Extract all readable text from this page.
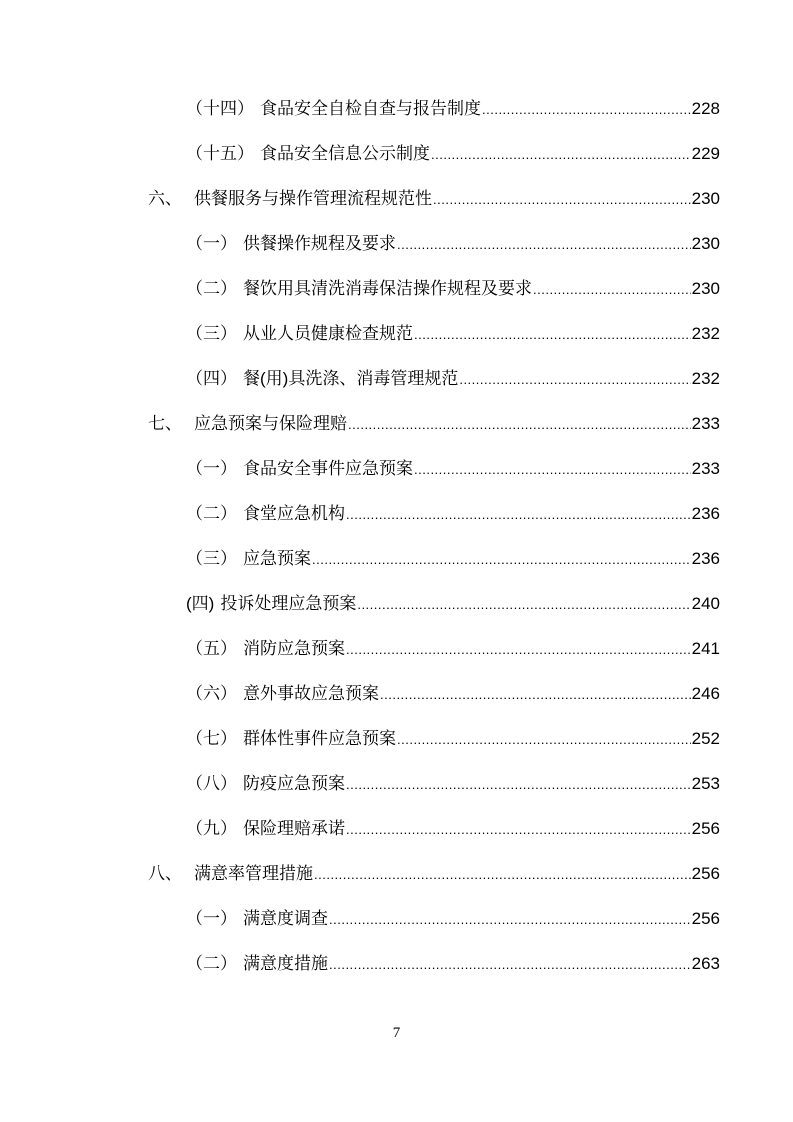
（十四） 食品安全自检自查与报告制度 .....	228
（十五） 食品安全信息公示制度 .....	229
六、 供餐服务与操作管理流程规范性 .....	230
（一） 供餐操作规程及要求 .....	230
（二） 餐饮用具清洗消毒保洁操作规程及要求 .....	230
（三） 从业人员健康检查规范 .....	232
（四） 餐(用)具洗涤、消毒管理规范 .....	232
七、 应急预案与保险理赔 .....	233
（一） 食品安全事件应急预案 .....	233
（二） 食堂应急机构 .....	236
（三） 应急预案 .....	236
(四) 投诉处理应急预案 .....	240
（五） 消防应急预案 .....	241
（六） 意外事故应急预案 .....	246
（七） 群体性事件应急预案 .....	252
（八） 防疫应急预案 .....	253
（九） 保险理赔承诺 .....	256
八、 满意率管理措施 .....	256
（一） 满意度调查 .....	256
（二） 满意度措施 .....	263
7
